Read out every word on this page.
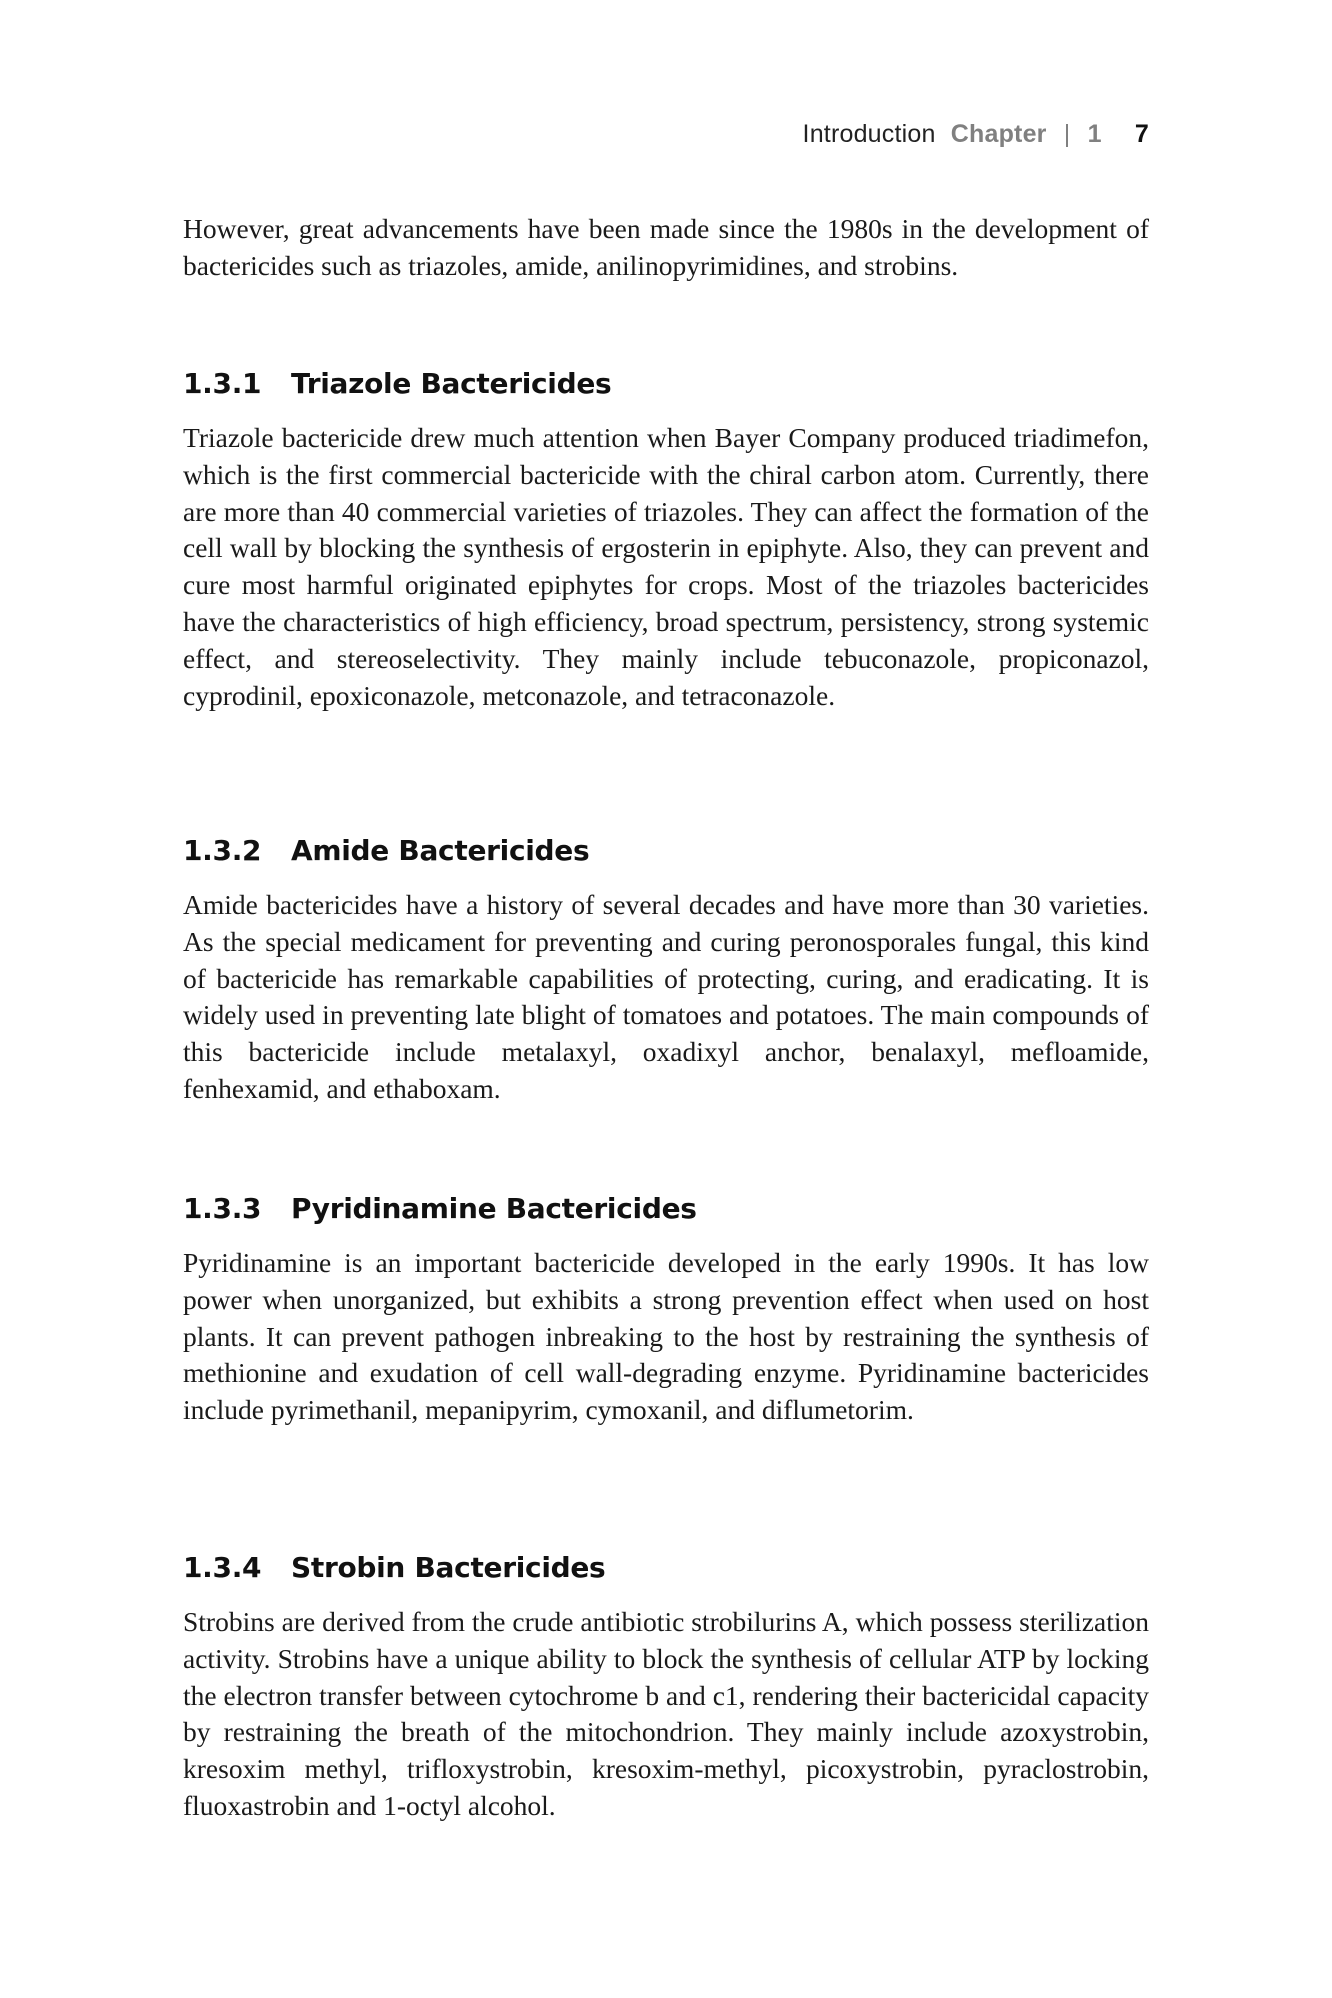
Introduction Chapter | 1 7

However, great advancements have been made since the 1980s in the development of bactericides such as triazoles, amide, anilinopyrimidines, and strobins.

1.3.1 Triazole Bactericides

Triazole bactericide drew much attention when Bayer Company produced triadimefon, which is the first commercial bactericide with the chiral carbon atom. Currently, there are more than 40 commercial varieties of triazoles. They can affect the formation of the cell wall by blocking the synthesis of ergosterin in epiphyte. Also, they can prevent and cure most harmful originated epiphytes for crops. Most of the triazoles bactericides have the characteristics of high efficiency, broad spectrum, persistency, strong systemic effect, and stereoselectivity. They mainly include tebuconazole, propiconazol, cyprodinil, epoxiconazole, metconazole, and tetraconazole.

1.3.2 Amide Bactericides

Amide bactericides have a history of several decades and have more than 30 varieties. As the special medicament for preventing and curing peronosporales fungal, this kind of bactericide has remarkable capabilities of protecting, curing, and eradicating. It is widely used in preventing late blight of tomatoes and potatoes. The main compounds of this bactericide include metalaxyl, oxadixyl anchor, benalaxyl, mefloamide, fenhexamid, and ethaboxam.

1.3.3 Pyridinamine Bactericides

Pyridinamine is an important bactericide developed in the early 1990s. It has low power when unorganized, but exhibits a strong prevention effect when used on host plants. It can prevent pathogen inbreaking to the host by restraining the synthesis of methionine and exudation of cell wall-degrading enzyme. Pyridinamine bactericides include pyrimethanil, mepanipyrim, cymoxanil, and diflumetorim.

1.3.4 Strobin Bactericides

Strobins are derived from the crude antibiotic strobilurins A, which possess sterilization activity. Strobins have a unique ability to block the synthesis of cellular ATP by locking the electron transfer between cytochrome b and c1, rendering their bactericidal capacity by restraining the breath of the mitochondrion. They mainly include azoxystrobin, kresoxim methyl, trifloxystrobin, kresoxim-methyl, picoxystrobin, pyraclostrobin, fluoxastrobin and 1-octyl alcohol.
